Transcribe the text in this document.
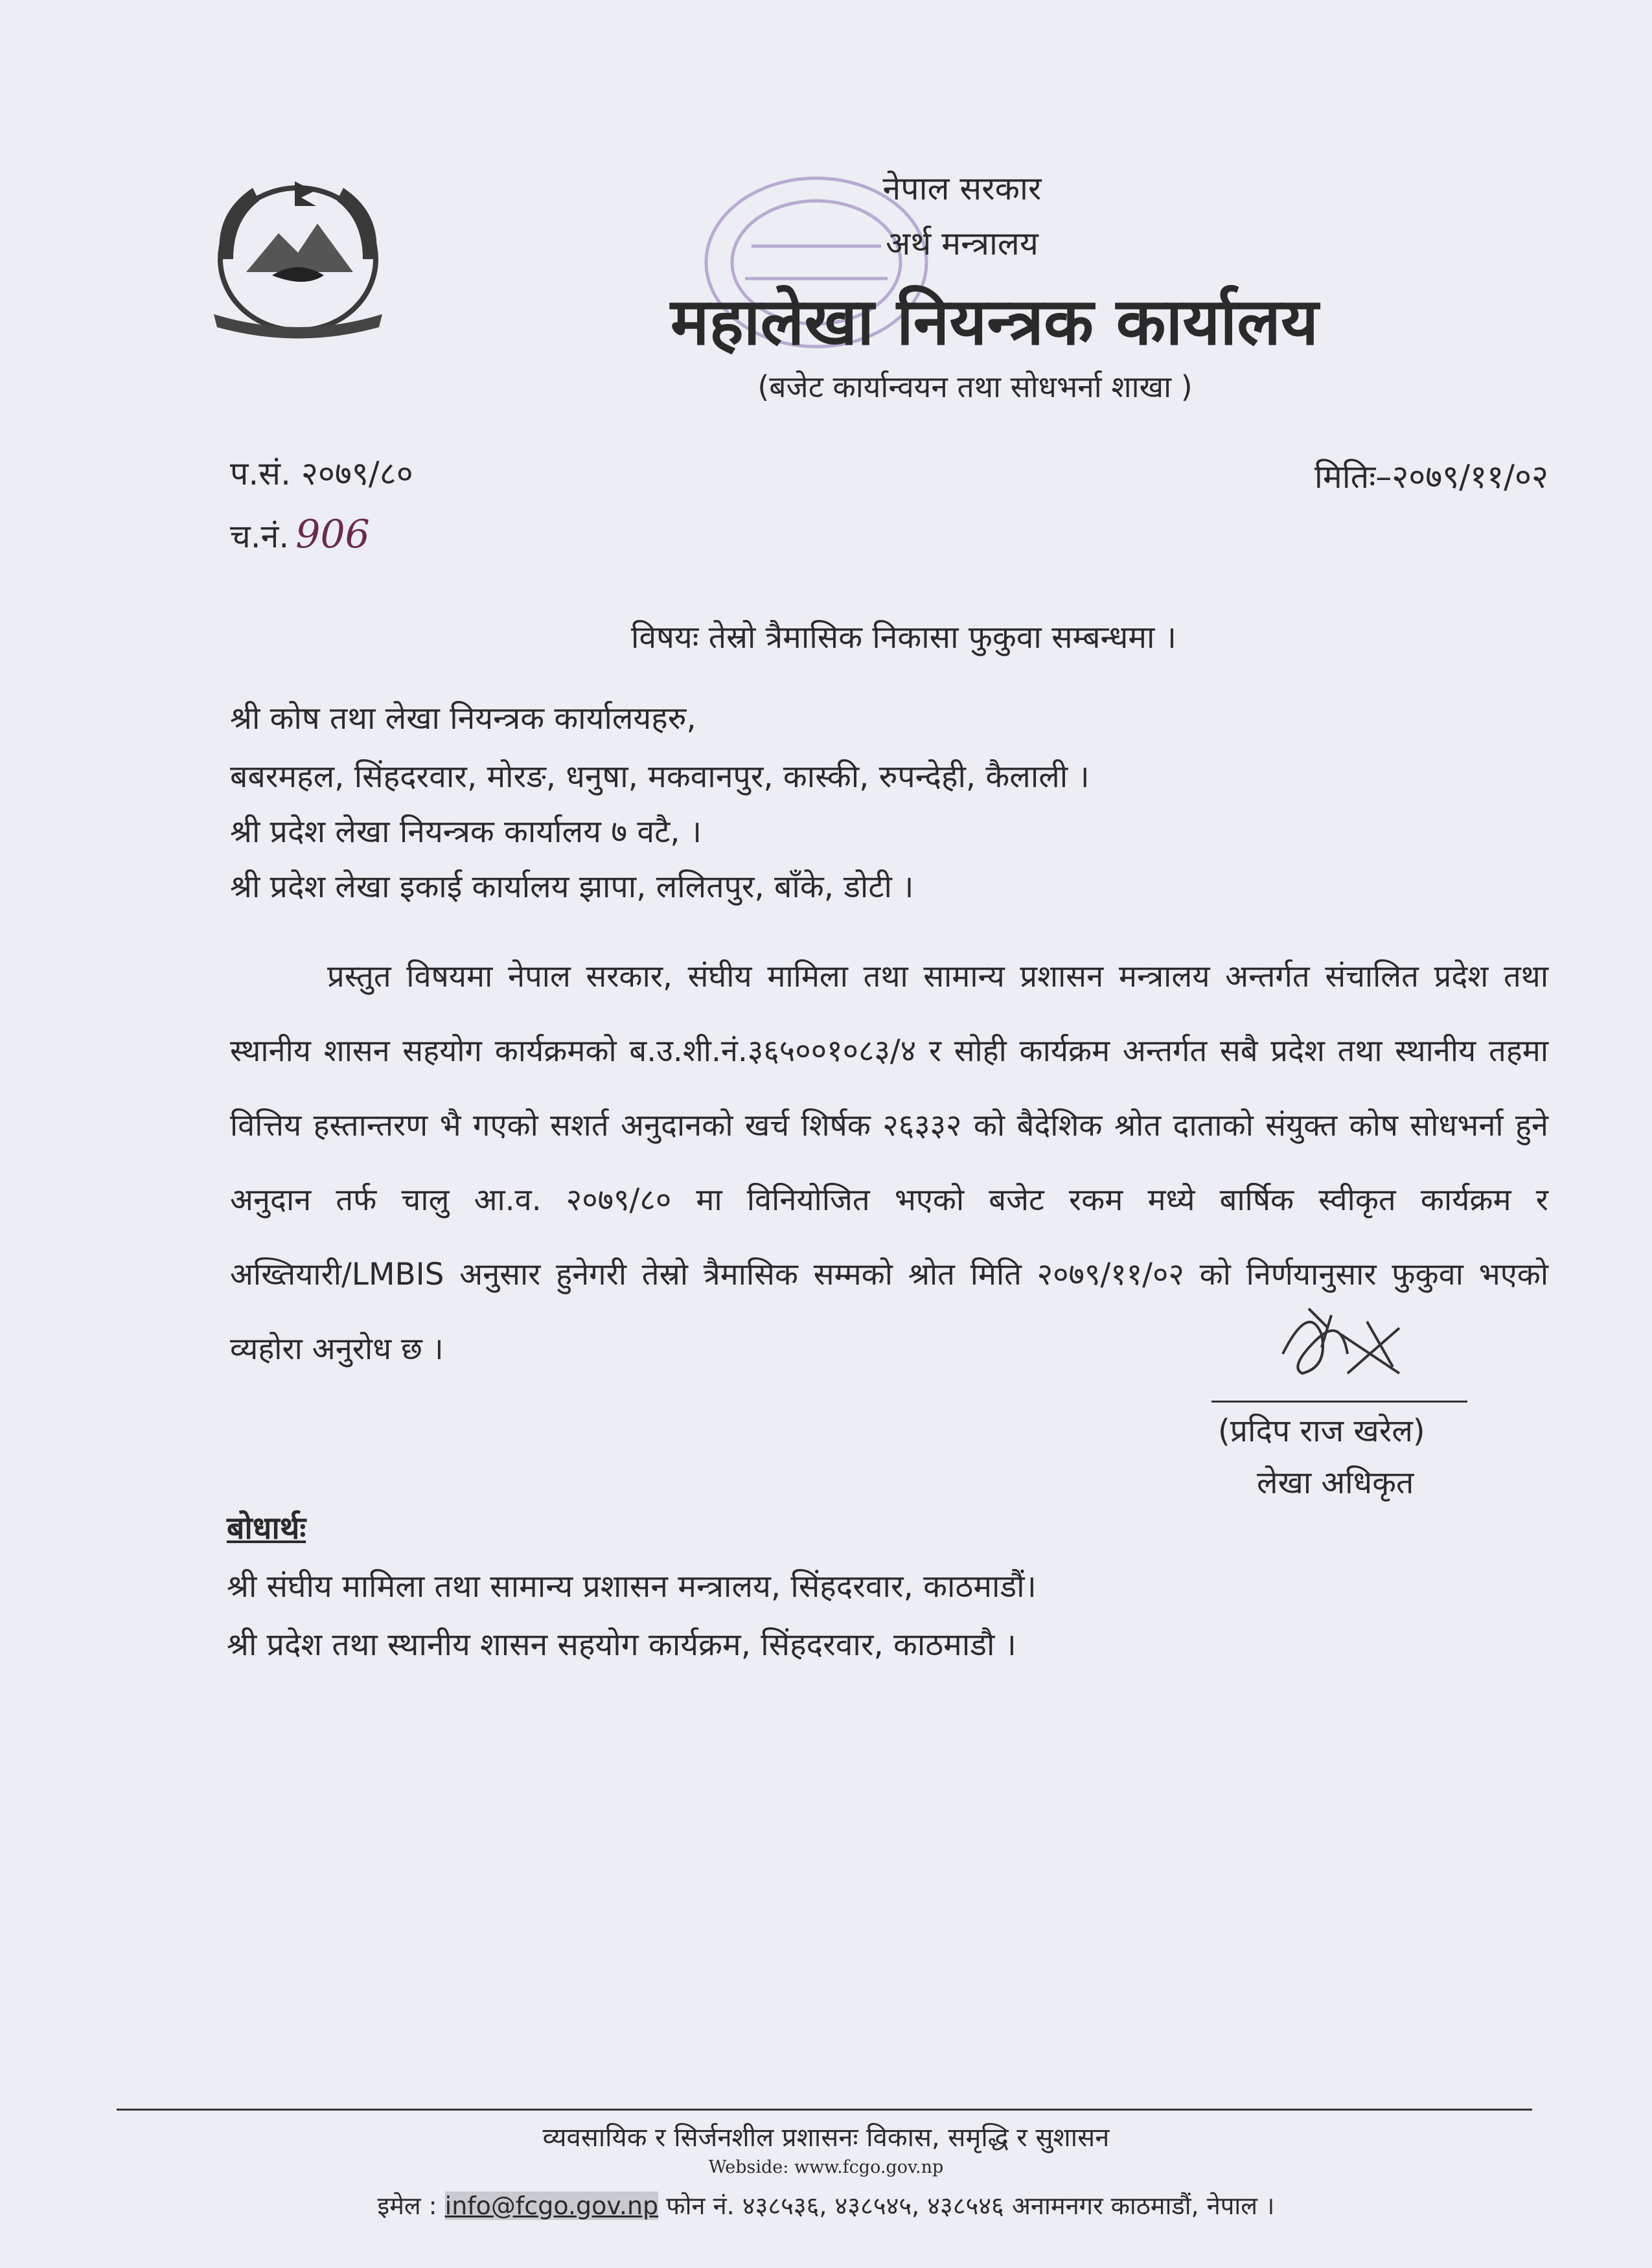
नेपाल सरकार
अर्थ मन्त्रालय
महालेखा नियन्त्रक कार्यालय
(बजेट कार्यान्वयन तथा सोधभर्ना शाखा )
प.सं. २०७९/८०
च.नं. 906
मितिः–२०७९/११/०२
विषयः तेस्रो त्रैमासिक निकासा फुकुवा सम्बन्धमा ।
श्री कोष तथा लेखा नियन्त्रक कार्यालयहरु,
बबरमहल, सिंहदरवार, मोरङ, धनुषा, मकवानपुर, कास्की, रुपन्देही, कैलाली ।
श्री प्रदेश लेखा नियन्त्रक कार्यालय ७ वटै, ।
श्री प्रदेश लेखा इकाई कार्यालय झापा, ललितपुर, बाँके, डोटी ।
प्रस्तुत विषयमा नेपाल सरकार, संघीय मामिला तथा सामान्य प्रशासन मन्त्रालय अन्तर्गत संचालित प्रदेश तथा स्थानीय शासन सहयोग कार्यक्रमको ब.उ.शी.नं.३६५००१०८३/४ र सोही कार्यक्रम अन्तर्गत सबै प्रदेश तथा स्थानीय तहमा वित्तिय हस्तान्तरण भै गएको सशर्त अनुदानको खर्च शिर्षक २६३३२ को बैदेशिक श्रोत दाताको संयुक्त कोष सोधभर्ना हुने अनुदान तर्फ चालु आ.व. २०७९/८० मा विनियोजित भएको बजेट रकम मध्ये बार्षिक स्वीकृत कार्यक्रम र अख्तियारी/LMBIS अनुसार हुनेगरी तेस्रो त्रैमासिक सम्मको श्रोत मिति २०७९/११/०२ को निर्णयानुसार फुकुवा भएको व्यहोरा अनुरोध छ ।
(प्रदिप राज खरेल)
लेखा अधिकृत
बोधार्थः
श्री संघीय मामिला तथा सामान्य प्रशासन मन्त्रालय, सिंहदरवार, काठमाडौं।
श्री प्रदेश तथा स्थानीय शासन सहयोग कार्यक्रम, सिंहदरवार, काठमाडौ ।
व्यवसायिक र सिर्जनशील प्रशासनः विकास, समृद्धि र सुशासन
Webside: www.fcgo.gov.np
इमेल : info@fcgo.gov.np फोन नं. ४३८५३६, ४३८५४५, ४३८५४६ अनामनगर काठमाडौं, नेपाल ।
